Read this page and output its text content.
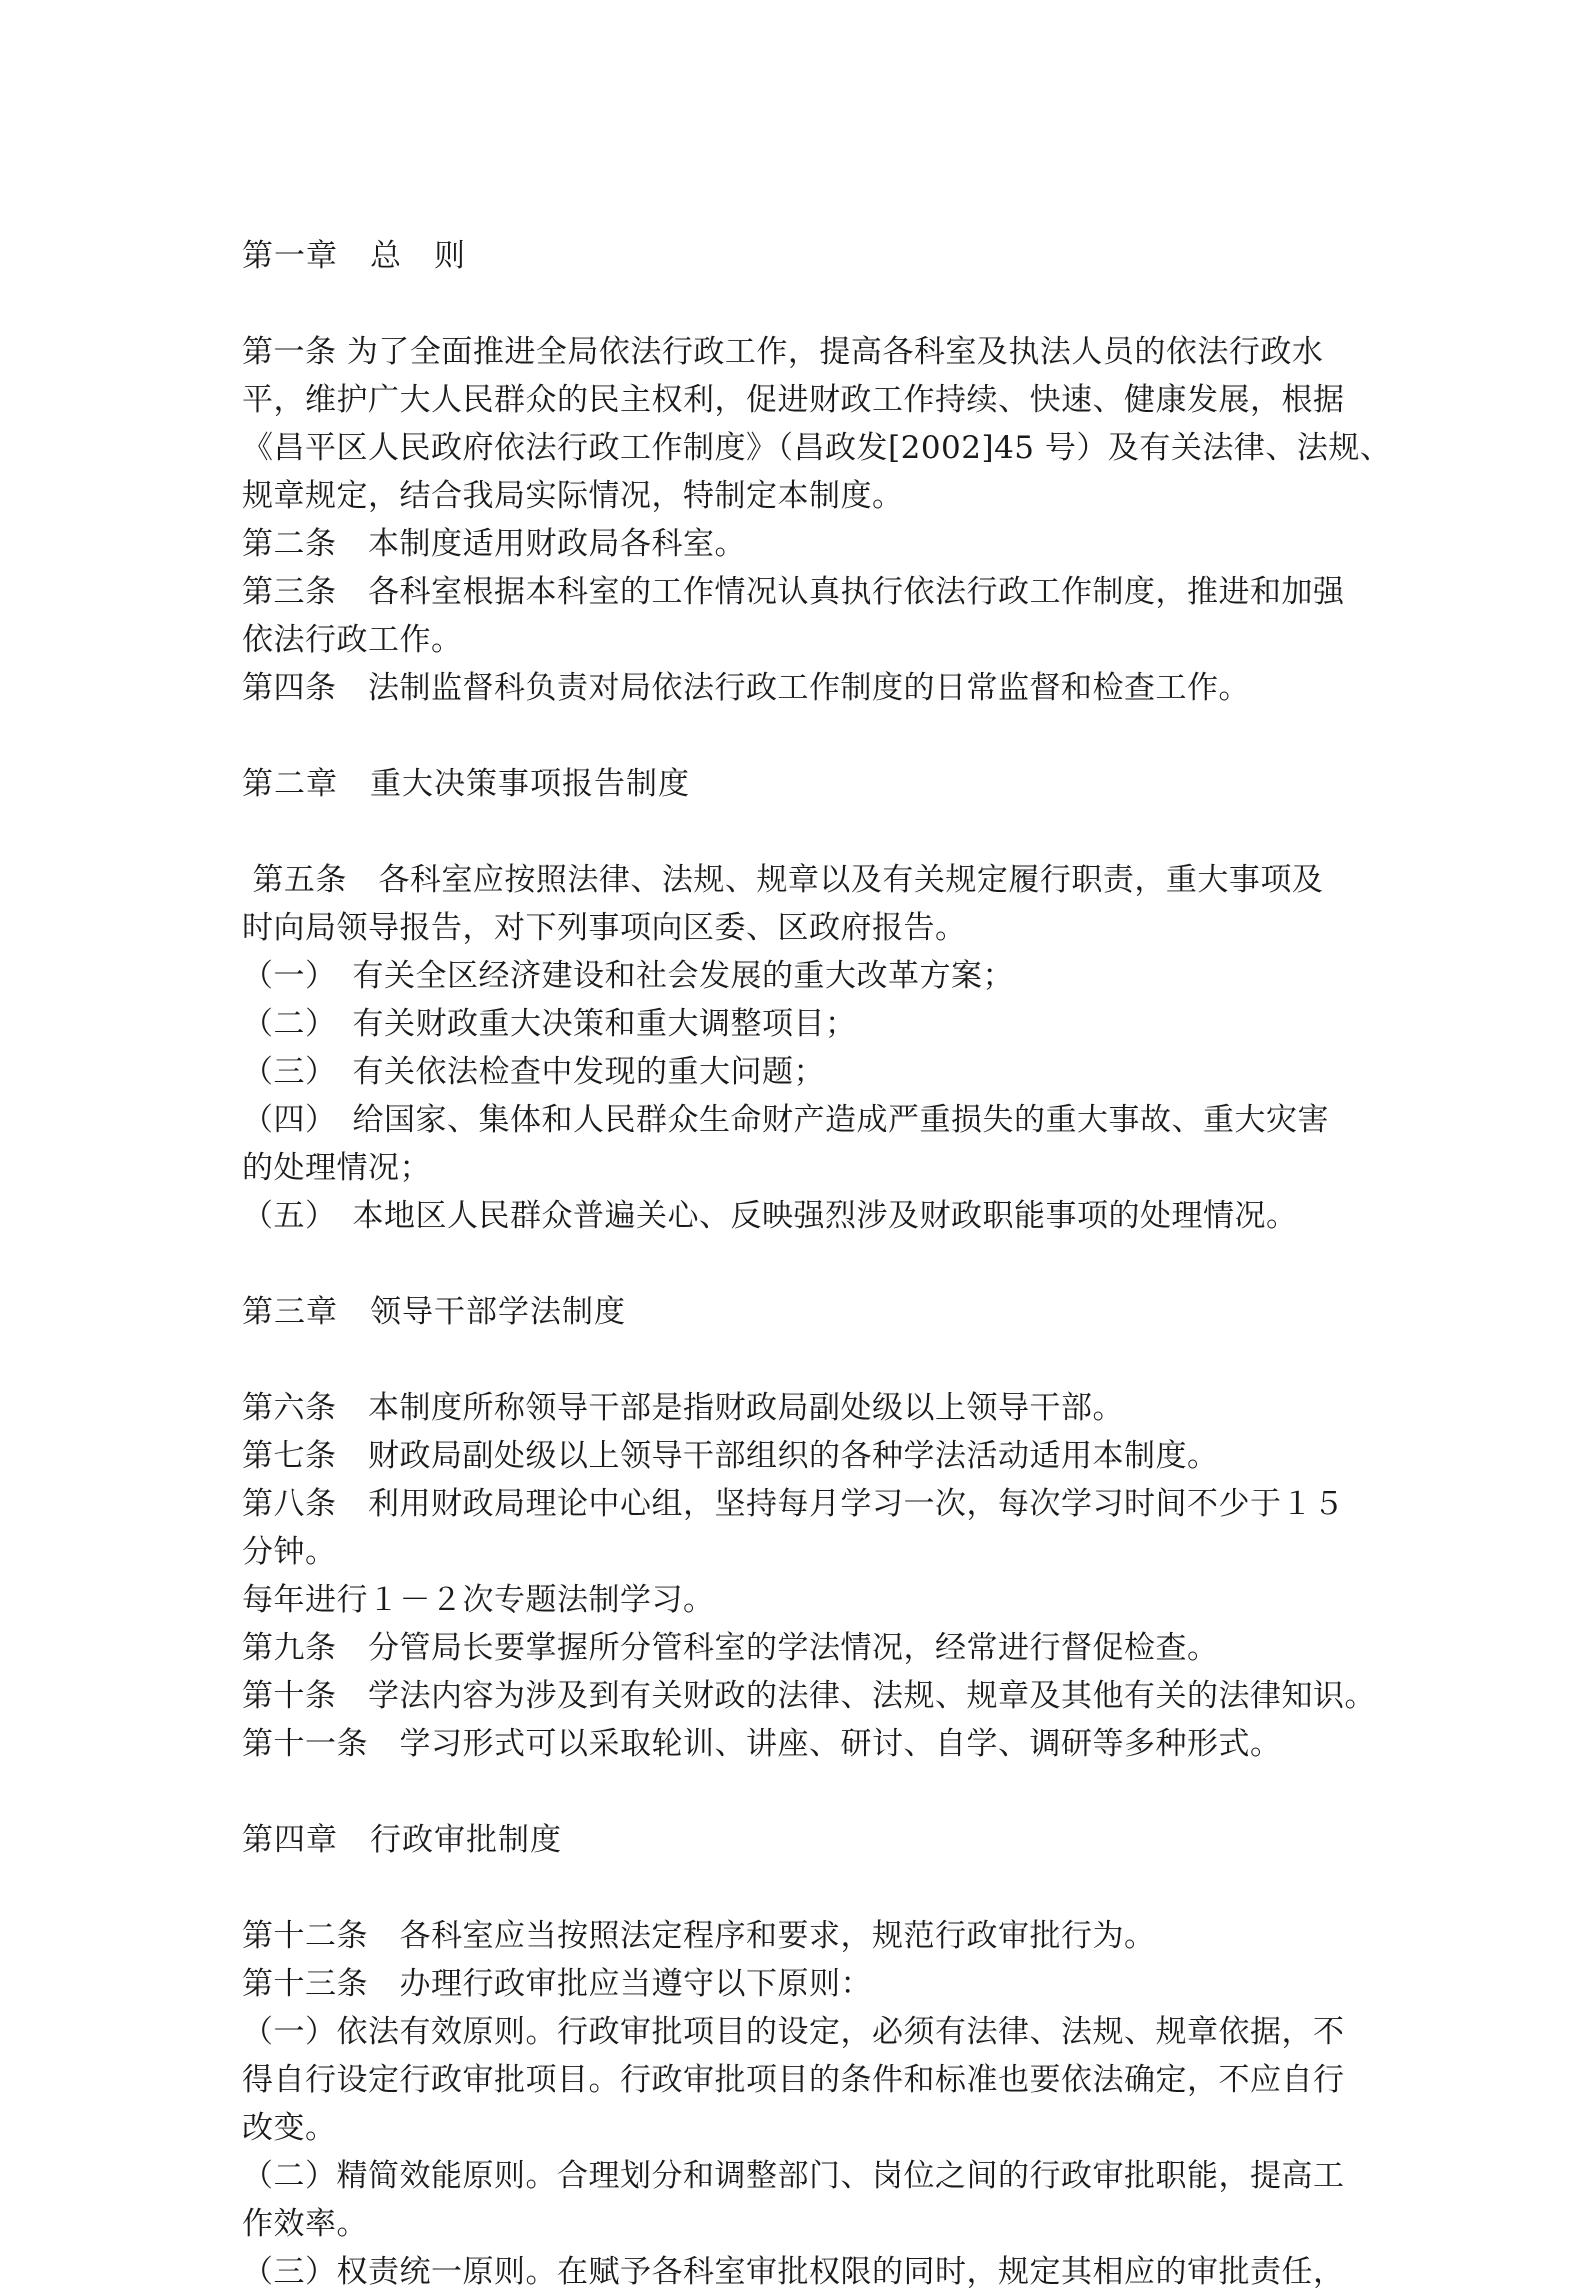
第一章　总　则
第一条 为了全面推进全局依法行政工作，提高各科室及执法人员的依法行政水
平，维护广大人民群众的民主权利，促进财政工作持续、快速、健康发展，根据
《昌平区人民政府依法行政工作制度》（昌政发[2002]45 号）及有关法律、法规、
规章规定，结合我局实际情况，特制定本制度。
第二条　本制度适用财政局各科室。
第三条　各科室根据本科室的工作情况认真执行依法行政工作制度，推进和加强
依法行政工作。
第四条　法制监督科负责对局依法行政工作制度的日常监督和检查工作。
第二章　重大决策事项报告制度
第五条　各科室应按照法律、法规、规章以及有关规定履行职责，重大事项及
时向局领导报告，对下列事项向区委、区政府报告。
（一）　有关全区经济建设和社会发展的重大改革方案；
（二）　有关财政重大决策和重大调整项目；
（三）　有关依法检查中发现的重大问题；
（四）　给国家、集体和人民群众生命财产造成严重损失的重大事故、重大灾害
的处理情况；
（五）　本地区人民群众普遍关心、反映强烈涉及财政职能事项的处理情况。
第三章　领导干部学法制度
第六条　本制度所称领导干部是指财政局副处级以上领导干部。
第七条　财政局副处级以上领导干部组织的各种学法活动适用本制度。
第八条　利用财政局理论中心组，坚持每月学习一次，每次学习时间不少于１５
分钟。
每年进行１－２次专题法制学习。
第九条　分管局长要掌握所分管科室的学法情况，经常进行督促检查。
第十条　学法内容为涉及到有关财政的法律、法规、规章及其他有关的法律知识。
第十一条　学习形式可以采取轮训、讲座、研讨、自学、调研等多种形式。
第四章　行政审批制度
第十二条　各科室应当按照法定程序和要求，规范行政审批行为。
第十三条　办理行政审批应当遵守以下原则：
（一）依法有效原则。行政审批项目的设定，必须有法律、法规、规章依据，不
得自行设定行政审批项目。行政审批项目的条件和标准也要依法确定，不应自行
改变。
（二）精简效能原则。合理划分和调整部门、岗位之间的行政审批职能，提高工
作效率。
（三）权责统一原则。在赋予各科室审批权限的同时，规定其相应的审批责任，
